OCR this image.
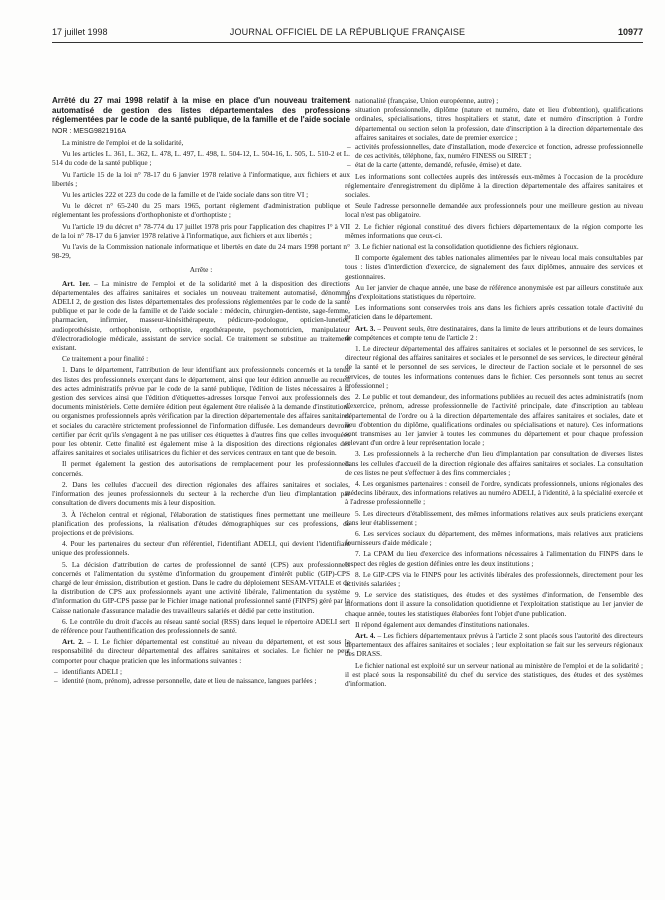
17 juillet 1998	JOURNAL OFFICIEL DE LA RÉPUBLIQUE FRANÇAISE	10977

Arrêté du 27 mai 1998 relatif à la mise en place d'un nouveau traitement automatisé de gestion des listes départementales des professions réglementées par le code de la santé publique, de la famille et de l'aide sociale

NOR : MESG9821916A

La ministre de l'emploi et de la solidarité,

Vu les articles L. 361, L. 362, L. 478, L. 497, L. 498, L. 504-12, L. 504-16, L. 505, L. 510-2 et L. 514 du code de la santé publique ;

Vu l'article 15 de la loi n° 78-17 du 6 janvier 1978 relative à l'informatique, aux fichiers et aux libertés ;

Vu les articles 222 et 223 du code de la famille et de l'aide sociale dans son titre VI ;

Vu le décret n° 65-240 du 25 mars 1965, portant règlement d'administration publique et réglementant les professions d'orthophoniste et d'orthoptiste ;

Vu l'article 19 du décret n° 78-774 du 17 juillet 1978 pris pour l'application des chapitres I° à VII de la loi n° 78-17 du 6 janvier 1978 relative à l'informatique, aux fichiers et aux libertés ;

Vu l'avis de la Commission nationale informatique et libertés en date du 24 mars 1998 portant n° 98-29,

Arrête :

Art. 1er. – La ministre de l'emploi et de la solidarité met à la disposition des directions départementales des affaires sanitaires et sociales un nouveau traitement automatisé, dénommé ADELI 2, de gestion des listes départementales des professions réglementées par le code de la santé publique et par le code de la famille et de l'aide sociale : médecin, chirurgien-dentiste, sage-femme, pharmacien, infirmier, masseur-kinésithérapeute, pédicure-podologue, opticien-lunetier, audioprothésiste, orthophoniste, orthoptiste, ergothérapeute, psychomotricien, manipulateur d'électroradiologie médicale, assistant de service social. Ce traitement se substitue au traitement existant.

Ce traitement a pour finalité :

1. Dans le département, l'attribution de leur identifiant aux professionnels concernés et la tenue des listes des professionnels exerçant dans le département, ainsi que leur édition annuelle au recueil des actes administratifs prévue par le code de la santé publique, l'édition de listes nécessaires à la gestion des services ainsi que l'édition d'étiquettes-adresses lorsque l'envoi aux professionnels des documents ministériels. Cette dernière édition peut également être réalisée à la demande d'institutions ou organismes professionnels après vérification par la direction départementale des affaires sanitaires et sociales du caractère strictement professionnel de l'information diffusée. Les demandeurs devront certifier par écrit qu'ils s'engagent à ne pas utiliser ces étiquettes à d'autres fins que celles invoquées pour les obtenir. Cette finalité est également mise à la disposition des directions régionales des affaires sanitaires et sociales utilisatrices du fichier et des services centraux en tant que de besoin.

Il permet également la gestion des autorisations de remplacement pour les professionnels concernés.

2. Dans les cellules d'accueil des direction régionales des affaires sanitaires et sociales, l'information des jeunes professionnels du secteur à la recherche d'un lieu d'implantation par consultation de divers documents mis à leur disposition.

3. À l'échelon central et régional, l'élaboration de statistiques fines permettant une meilleure planification des professions, la réalisation d'études démographiques sur ces professions, de projections et de prévisions.

4. Pour les partenaires du secteur d'un référentiel, l'identifiant ADELI, qui devient l'identifiant unique des professionnels.

5. La décision d'attribution de cartes de professionnel de santé (CPS) aux professionnels concernés et l'alimentation du système d'information du groupement d'intérêt public (GIP)-CPS chargé de leur émission, distribution et gestion. Dans le cadre du déploiement SESAM-VITALE et de la distribution de CPS aux professionnels ayant une activité libérale, l'alimentation du système d'information du GIP-CPS passe par le Fichier image national professionnel santé (FINPS) géré par la Caisse nationale d'assurance maladie des travailleurs salariés et dédié par cette institution.

6. Le contrôle du droit d'accès au réseau santé social (RSS) dans lequel le répertoire ADELI sert de référence pour l'authentification des professionnels de santé.

Art. 2. – I. Le fichier départemental est constitué au niveau du département, et est sous la responsabilité du directeur départemental des affaires sanitaires et sociales. Le fichier ne peut comporter pour chaque praticien que les informations suivantes :

– identifiants ADELI ;
– identité (nom, prénom), adresse personnelle, date et lieu de naissance, langues parlées ;
– nationalité (française, Union européenne, autre) ;
– situation professionnelle, diplôme (nature et numéro, date et lieu d'obtention), qualifications ordinales, spécialisations, titres hospitaliers et statut, date et numéro d'inscription à l'ordre départemental ou section selon la profession, date d'inscription à la direction départementale des affaires sanitaires et sociales, date de premier exercice ;
– activités professionnelles, date d'installation, mode d'exercice et fonction, adresse professionnelle de ces activités, téléphone, fax, numéro FINESS ou SIRET ;
– état de la carte (attente, demandé, refusée, émise) et date.

Les informations sont collectées auprès des intéressés eux-mêmes à l'occasion de la procédure réglementaire d'enregistrement du diplôme à la direction départementale des affaires sanitaires et sociales.

Seule l'adresse personnelle demandée aux professionnels pour une meilleure gestion au niveau local n'est pas obligatoire.

2. Le fichier régional constitué des divers fichiers départementaux de la région comporte les mêmes informations que ceux-ci.

3. Le fichier national est la consolidation quotidienne des fichiers régionaux.

Il comporte également des tables nationales alimentées par le niveau local mais consultables par tous : listes d'interdiction d'exercice, de signalement des faux diplômes, annuaire des services et gestionnaires.

Au 1er janvier de chaque année, une base de référence anonymisée est par ailleurs constituée aux fins d'exploitations statistiques du répertoire.

Les informations sont conservées trois ans dans les fichiers après cessation totale d'activité du praticien dans le département.

Art. 3. – Peuvent seuls, être destinataires, dans la limite de leurs attributions et de leurs domaines de compétences et compte tenu de l'article 2 :

1. Le directeur départemental des affaires sanitaires et sociales et le personnel de ses services, le directeur régional des affaires sanitaires et sociales et le personnel de ses services, le directeur général de la santé et le personnel de ses services, le directeur de l'action sociale et le personnel de ses services, de toutes les informations contenues dans le fichier. Ces personnels sont tenus au secret professionnel ;

2. Le public et tout demandeur, des informations publiées au recueil des actes administratifs (nom d'exercice, prénom, adresse professionnelle de l'activité principale, date d'inscription au tableau départemental de l'ordre ou à la direction départementale des affaires sanitaires et sociales, date et lieu d'obtention du diplôme, qualifications ordinales ou spécialisations et nature). Ces informations sont transmises au 1er janvier à toutes les communes du département et pour chaque profession relevant d'un ordre à leur représentation locale ;

3. Les professionnels à la recherche d'un lieu d'implantation par consultation de diverses listes dans les cellules d'accueil de la direction régionale des affaires sanitaires et sociales. La consultation de ces listes ne peut s'effectuer à des fins commerciales ;

4. Les organismes partenaires : conseil de l'ordre, syndicats professionnels, unions régionales des médecins libéraux, des informations relatives au numéro ADELI, à l'identité, à la spécialité exercée et à l'adresse professionnelle ;

5. Les directeurs d'établissement, des mêmes informations relatives aux seuls praticiens exerçant dans leur établissement ;

6. Les services sociaux du département, des mêmes informations, mais relatives aux praticiens fournisseurs d'aide médicale ;

7. La CPAM du lieu d'exercice des informations nécessaires à l'alimentation du FINPS dans le respect des règles de gestion définies entre les deux institutions ;

8. Le GIP-CPS via le FINPS pour les activités libérales des professionnels, directement pour les activités salariées ;

9. Le service des statistiques, des études et des systèmes d'information, de l'ensemble des informations dont il assure la consolidation quotidienne et l'exploitation statistique au 1er janvier de chaque année, toutes les statistiques élaborées font l'objet d'une publication.

Il répond également aux demandes d'institutions nationales.

Art. 4. – Les fichiers départementaux prévus à l'article 2 sont placés sous l'autorité des directeurs départementaux des affaires sanitaires et sociales ; leur exploitation se fait sur les serveurs régionaux des DRASS.

Le fichier national est exploité sur un serveur national au ministère de l'emploi et de la solidarité ; il est placé sous la responsabilité du chef du service des statistiques, des études et des systèmes d'information.
